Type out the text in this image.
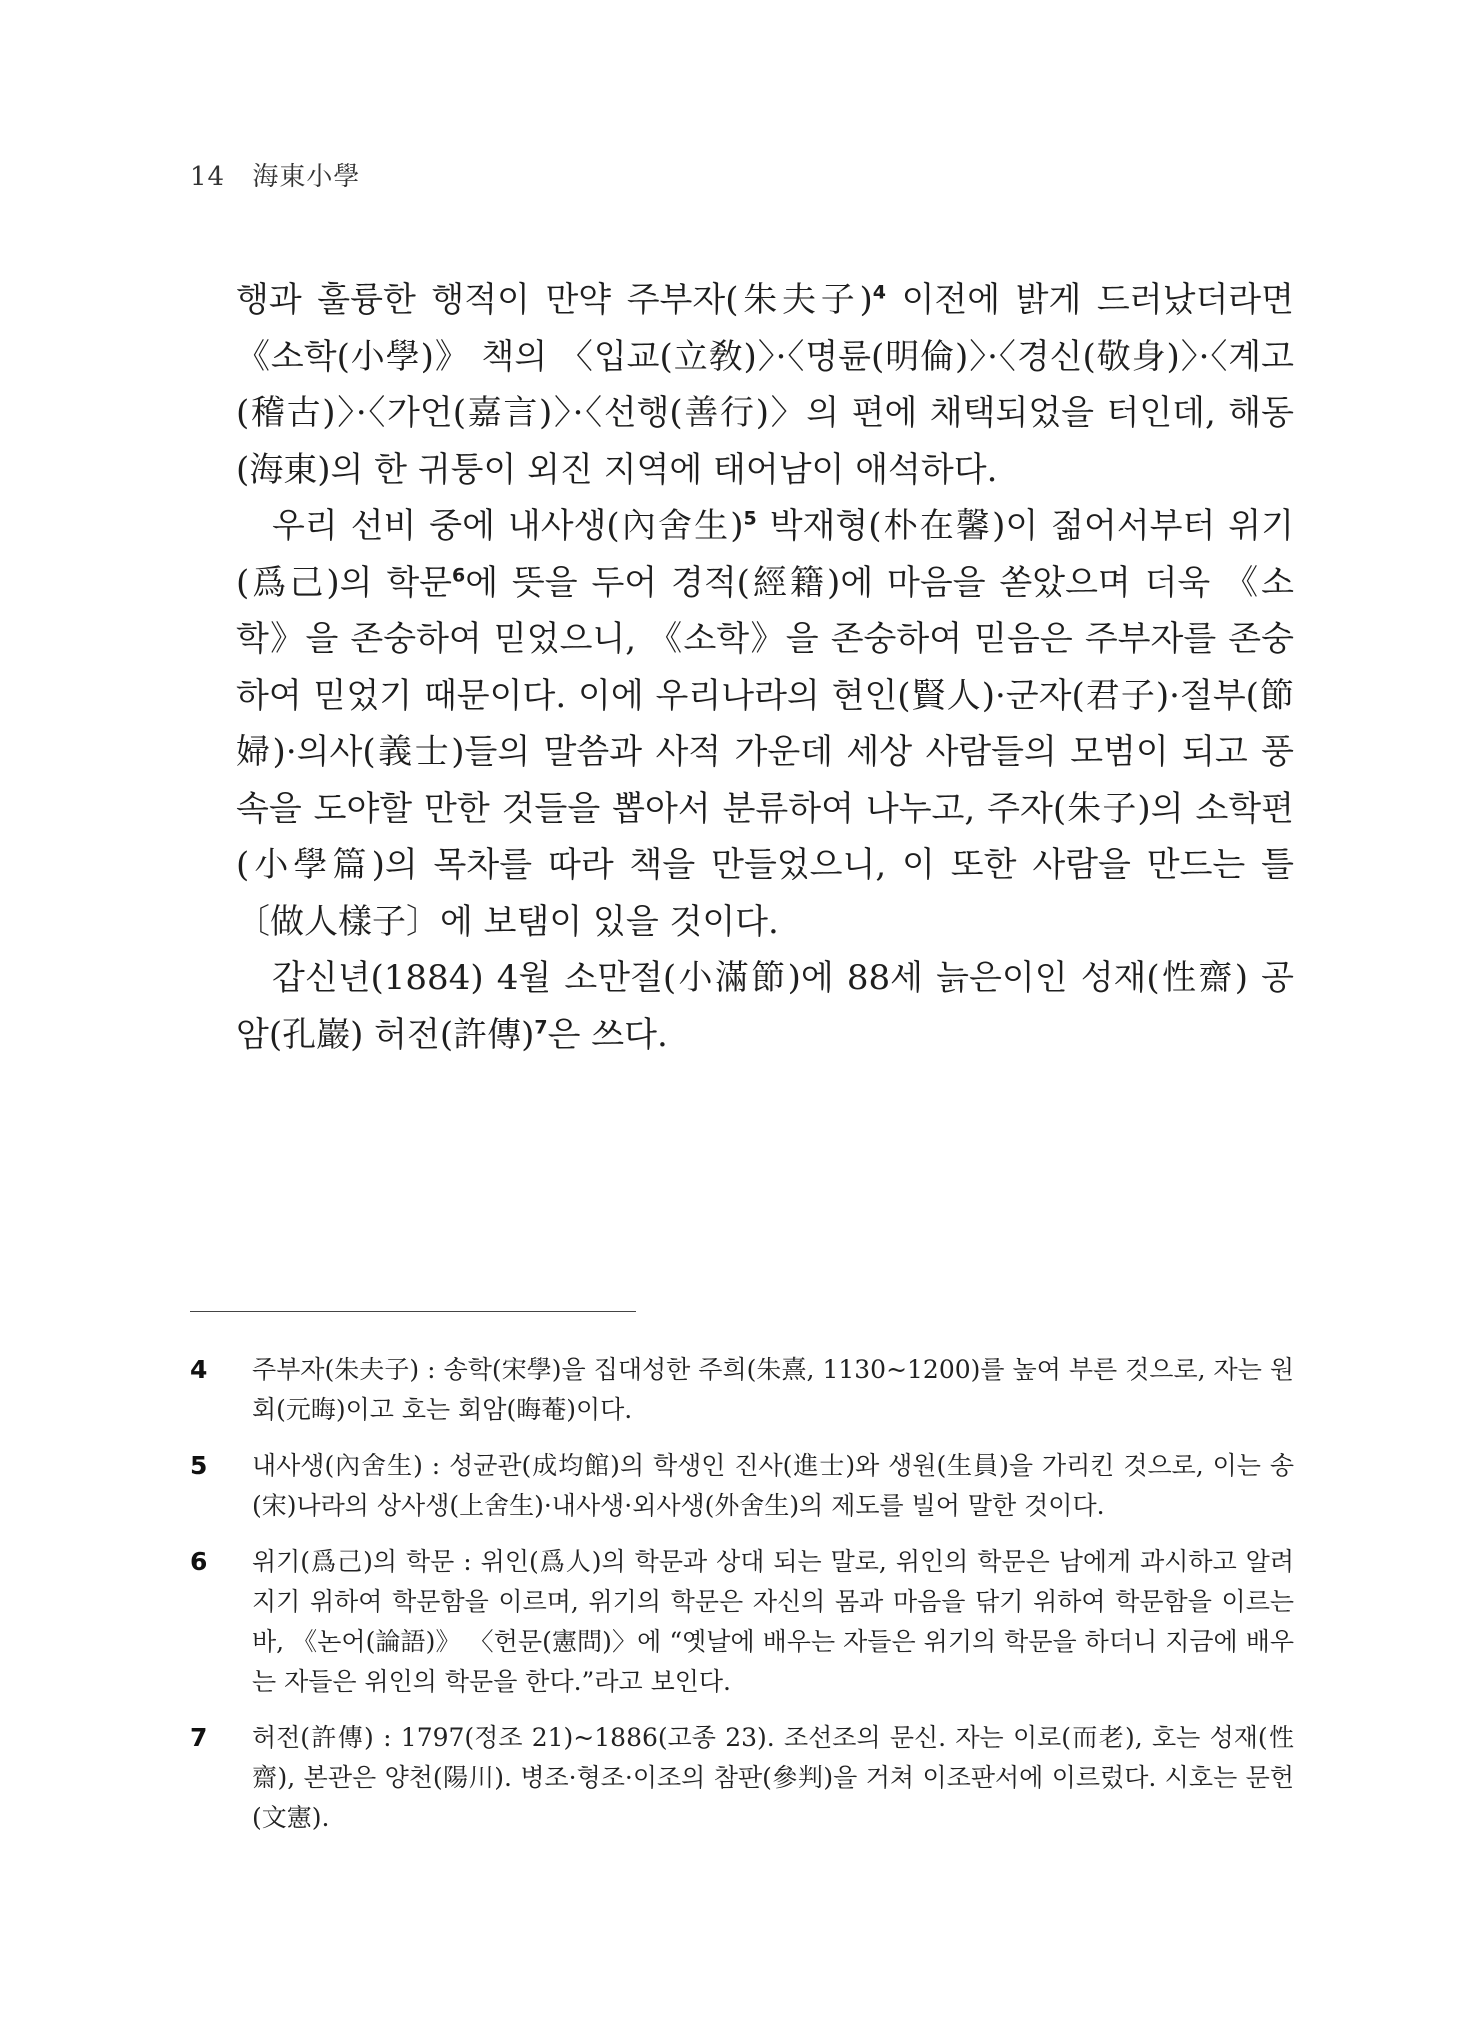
14 海東小學

행과 훌륭한 행적이 만약 주부자(朱夫子)$^4$ 이전에 밝게 드러났더라면 《소학(小學)》 책의 〈입교(立敎)〉·〈명륜(明倫)〉·〈경신(敬身)〉·〈계고(稽古)〉·〈가언(嘉言)〉·〈선행(善行)〉의 편에 채택되었을 터인데, 해동(海東)의 한 귀퉁이 외진 지역에 태어남이 애석하다.

우리 선비 중에 내사생(內舍生)$^5$ 박재형(朴在馨)이 젊어서부터 위기(爲己)의 학문$^6$에 뜻을 두어 경적(經籍)에 마음을 쏟았으며 더욱 《소학》을 존숭하여 믿었으니, 《소학》을 존숭하여 믿음은 주부자를 존숭하여 믿었기 때문이다. 이에 우리나라의 현인(賢人)·군자(君子)·절부(節婦)·의사(義士)들의 말씀과 사적 가운데 세상 사람들의 모범이 되고 풍속을 도야할 만한 것들을 뽑아서 분류하여 나누고, 주자(朱子)의 소학편(小學篇)의 목차를 따라 책을 만들었으니, 이 또한 사람을 만드는 틀〔做人樣子〕에 보탬이 있을 것이다.

갑신년(1884) 4월 소만절(小滿節)에 88세 늙은이인 성재(性齋) 공암(孔巖) 허전(許傳)$^7$은 쓰다.

4	주부자(朱夫子) : 송학(宋學)을 집대성한 주희(朱熹, 1130~1200)를 높여 부른 것으로, 자는 원회(元晦)이고 호는 회암(晦菴)이다.
5	내사생(內舍生) : 성균관(成均館)의 학생인 진사(進士)와 생원(生員)을 가리킨 것으로, 이는 송(宋)나라의 상사생(上舍生)·내사생·외사생(外舍生)의 제도를 빌어 말한 것이다.
6	위기(爲己)의 학문 : 위인(爲人)의 학문과 상대 되는 말로, 위인의 학문은 남에게 과시하고 알려지기 위하여 학문함을 이르며, 위기의 학문은 자신의 몸과 마음을 닦기 위하여 학문함을 이르는 바, 《논어(論語)》 〈헌문(憲問)〉에 “옛날에 배우는 자들은 위기의 학문을 하더니 지금에 배우는 자들은 위인의 학문을 한다.”라고 보인다.
7	허전(許傳) : 1797(정조 21)~1886(고종 23). 조선조의 문신. 자는 이로(而老), 호는 성재(性齋), 본관은 양천(陽川). 병조·형조·이조의 참판(參判)을 거쳐 이조판서에 이르렀다. 시호는 문헌(文憲).
